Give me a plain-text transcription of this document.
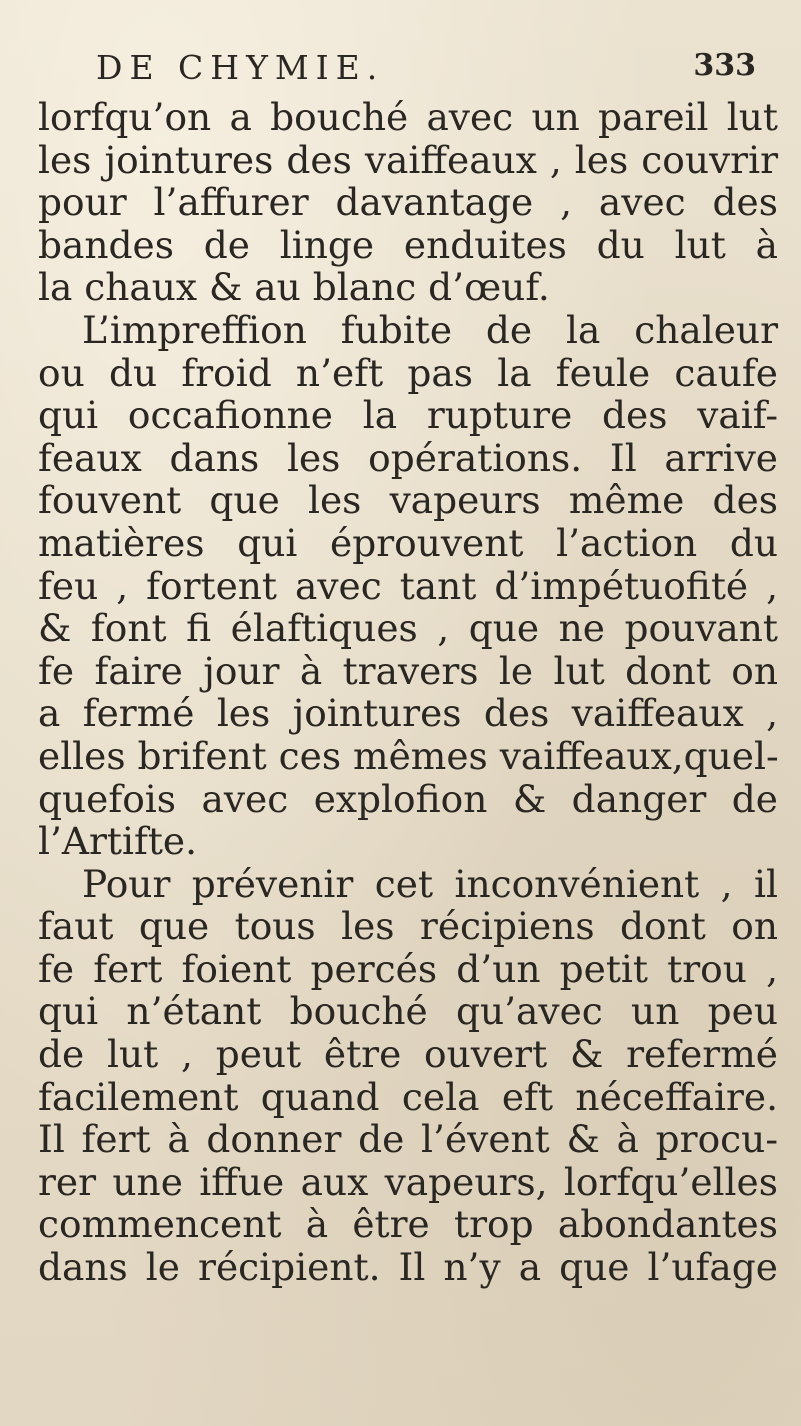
DE CHYMIE.	333
lorfqu’on a bouché avec un pareil lut
les jointures des vaiffeaux , les couvrir
pour l’affurer davantage , avec des
bandes de linge enduites du lut à
la chaux & au blanc d’œuf.
L’impreffion fubite de la chaleur
ou du froid n’eft pas la feule caufe
qui occafionne la rupture des vaif-
feaux dans les opérations. Il arrive
fouvent que les vapeurs même des
matières qui éprouvent l’action du
feu , fortent avec tant d’impétuofité ,
& font fi élaftiques , que ne pouvant
fe faire jour à travers le lut dont on
a fermé les jointures des vaiffeaux ,
elles brifent ces mêmes vaiffeaux,quel-
quefois avec explofion & danger de
l’Artifte.
Pour prévenir cet inconvénient , il
faut que tous les récipiens dont on
fe fert foient percés d’un petit trou ,
qui n’étant bouché qu’avec un peu
de lut , peut être ouvert & refermé
facilement quand cela eft néceffaire.
Il fert à donner de l’évent & à procu-
rer une iffue aux vapeurs, lorfqu’elles
commencent à être trop abondantes
dans le récipient. Il n’y a que l’ufage
